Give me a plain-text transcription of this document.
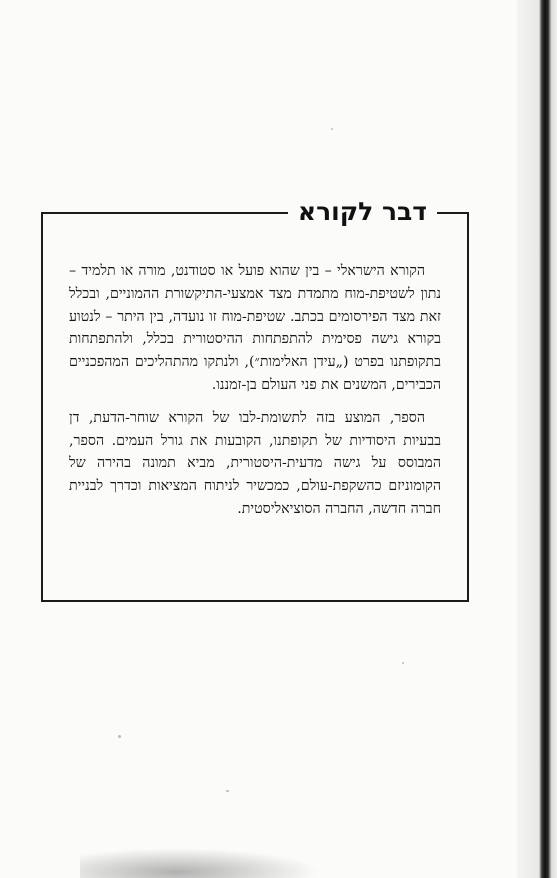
דבר לקורא

הקורא הישראלי – בין שהוא פועל או סטודנט, מורה או תלמיד – נתון לשטיפת-מוח מתמדת מצד אמצעי-התיקשורת ההמוניים, ובכלל זאת מצד הפירסומים בכתב. שטיפת-מוח זו נועדה, בין היתר – לנטוע בקורא גישה פסימית להתפתחות ההיסטורית בכלל, ולהתפתחות בתקופתנו בפרט („עידן האלימות״), ולנתקו מהתהליכים המהפכניים הכבירים, המשנים את פני העולם בן-זמננו.

הספר, המוצע בזה לתשומת-לבו של הקורא שוחר-הדעת, דן בבעיות היסודיות של תקופתנו, הקובעות את גורל העמים. הספר, המבוסס על גישה מדעית-היסטורית, מביא תמונה בהירה של הקומוניזם כהשקפת-עולם, כמכשיר לניתוח המציאות וכדרך לבניית חברה חדשה, החברה הסוציאליסטית.
